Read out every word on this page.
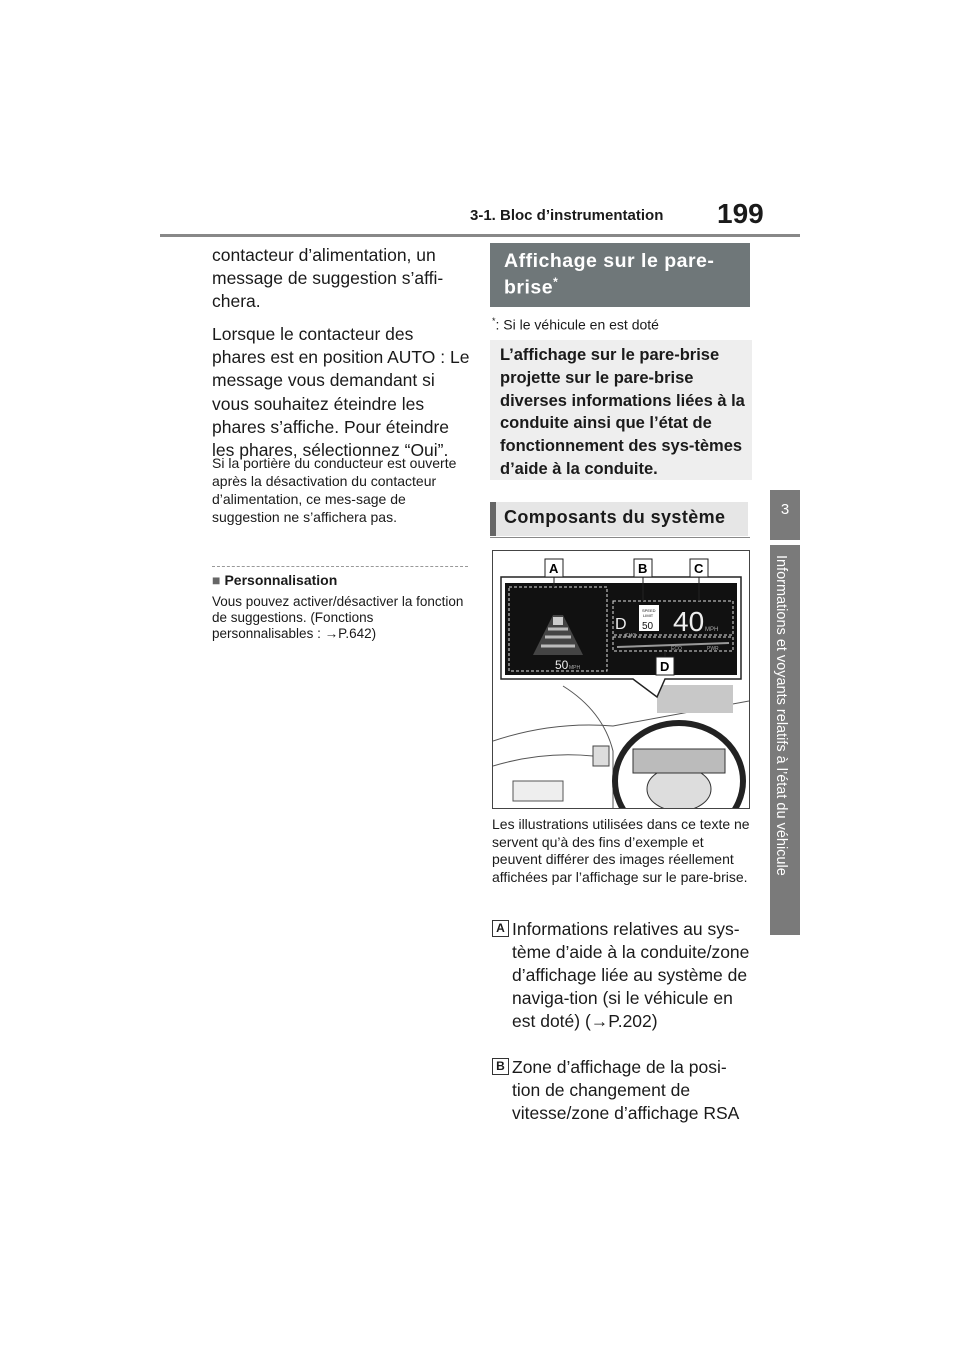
3-1. Bloc d’instrumentation 199
3
Informations et voyants relatifs à l’état du véhicule

contacteur d’alimentation, un message de suggestion s’affi-chera.

Lorsque le contacteur des phares est en position AUTO : Le message vous demandant si vous souhaitez éteindre les phares s’affiche. Pour éteindre les phares, sélectionnez “Oui”.

Si la portière du conducteur est ouverte après la désactivation du contacteur d’alimentation, ce mes-sage de suggestion ne s’affichera pas.
■ Personnalisation
Vous pouvez activer/désactiver la fonction de suggestions. (Fonctions personnalisables : →P.642)
Affichage sur le pare-brise*
*: Si le véhicule en est doté
L’affichage sur le pare-brise projette sur le pare-brise diverses informations liées à la conduite ainsi que l’état de fonctionnement des sys-tèmes d’aide à la conduite.
Composants du système
50 MPH
D
SPEED
LIMIT
50 40 MPH
CHG
ECO	PWR
A	B	C
D
Les illustrations utilisées dans ce texte ne servent qu’à des fins d’exemple et peuvent différer des images réellement affichées par l’affichage sur le pare-brise.
A Informations relatives au sys-tème d’aide à la conduite/zone d’affichage liée au système de naviga-tion (si le véhicule en est doté) (→P.202)
B Zone d’affichage de la posi-tion de changement de vitesse/zone d’affichage RSA
